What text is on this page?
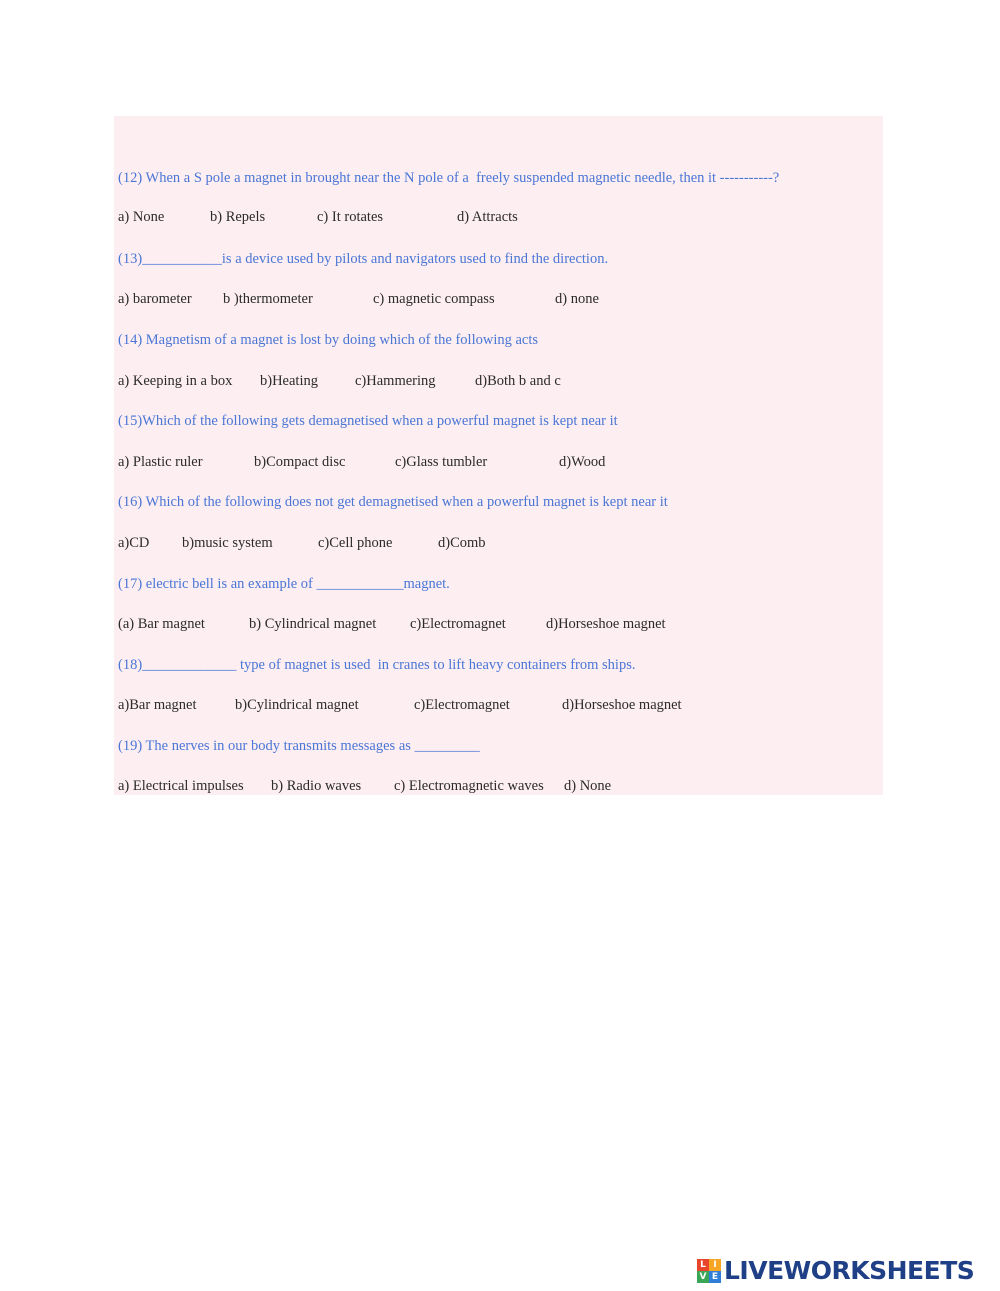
(12) When a S pole a magnet in brought near the N pole of a  freely suspended magnetic needle, then it -----------?

a) None

	b) Repels

	c) It rotates

	d) Attracts

(13)___________is a device used by pilots and navigators used to find the direction.

a) barometer

b )thermometer

	c) magnetic compass

	d) none

(14) Magnetism of a magnet is lost by doing which of the following acts

a) Keeping in a box

b)Heating

	c)Hammering

	d)Both b and c

(15)Which of the following gets demagnetised when a powerful magnet is kept near it

a) Plastic ruler

	b)Compact disc

	c)Glass tumbler

	d)Wood

(16) Which of the following does not get demagnetised when a powerful magnet is kept near it

a)CD

b)music system

	c)Cell phone

	d)Comb

(17) electric bell is an example of ____________magnet.

(a) Bar magnet

	b) Cylindrical magnet

c)Electromagnet

	d)Horseshoe magnet

(18)_____________ type of magnet is used  in cranes to lift heavy containers from ships.

a)Bar magnet

	b)Cylindrical magnet

	c)Electromagnet

	d)Horseshoe magnet

(19) The nerves in our body transmits messages as _________

a) Electrical impulses

b) Radio waves

c) Electromagnetic waves

d) None

L I
V E LIVEWORKSHEETS
